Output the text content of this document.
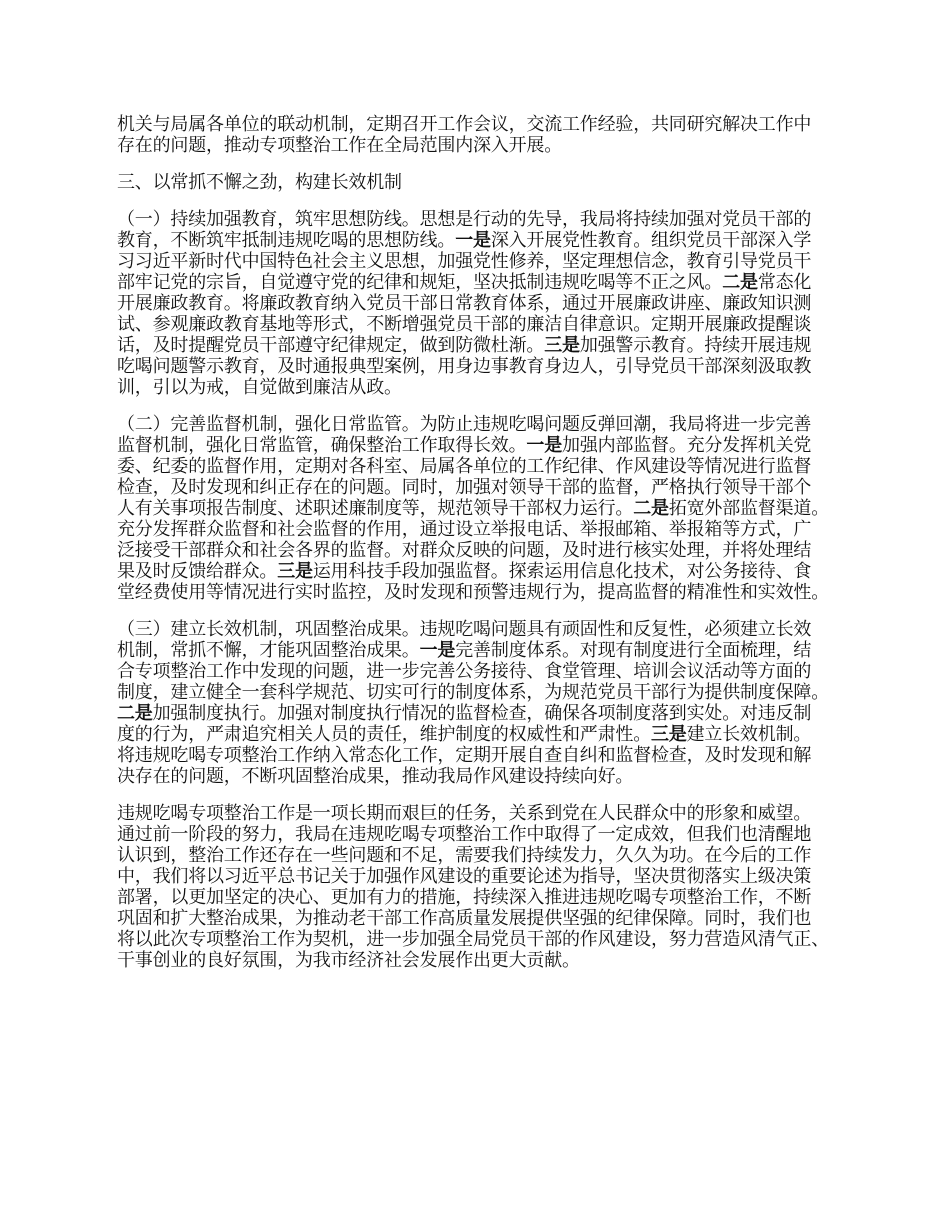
机关与局属各单位的联动机制，定期召开工作会议，交流工作经验，共同研究解决工作中
存在的问题，推动专项整治工作在全局范围内深入开展。
三、以常抓不懈之劲，构建长效机制
（一）持续加强教育，筑牢思想防线。思想是行动的先导，我局将持续加强对党员干部的
教育，不断筑牢抵制违规吃喝的思想防线。一是深入开展党性教育。组织党员干部深入学
习习近平新时代中国特色社会主义思想，加强党性修养，坚定理想信念，教育引导党员干
部牢记党的宗旨，自觉遵守党的纪律和规矩，坚决抵制违规吃喝等不正之风。二是常态化
开展廉政教育。将廉政教育纳入党员干部日常教育体系，通过开展廉政讲座、廉政知识测
试、参观廉政教育基地等形式，不断增强党员干部的廉洁自律意识。定期开展廉政提醒谈
话，及时提醒党员干部遵守纪律规定，做到防微杜渐。三是加强警示教育。持续开展违规
吃喝问题警示教育，及时通报典型案例，用身边事教育身边人，引导党员干部深刻汲取教
训，引以为戒，自觉做到廉洁从政。
（二）完善监督机制，强化日常监管。为防止违规吃喝问题反弹回潮，我局将进一步完善
监督机制，强化日常监管，确保整治工作取得长效。一是加强内部监督。充分发挥机关党
委、纪委的监督作用，定期对各科室、局属各单位的工作纪律、作风建设等情况进行监督
检查，及时发现和纠正存在的问题。同时，加强对领导干部的监督，严格执行领导干部个
人有关事项报告制度、述职述廉制度等，规范领导干部权力运行。二是拓宽外部监督渠道。
充分发挥群众监督和社会监督的作用，通过设立举报电话、举报邮箱、举报箱等方式，广
泛接受干部群众和社会各界的监督。对群众反映的问题，及时进行核实处理，并将处理结
果及时反馈给群众。三是运用科技手段加强监督。探索运用信息化技术，对公务接待、食
堂经费使用等情况进行实时监控，及时发现和预警违规行为，提高监督的精准性和实效性。
（三）建立长效机制，巩固整治成果。违规吃喝问题具有顽固性和反复性，必须建立长效
机制，常抓不懈，才能巩固整治成果。一是完善制度体系。对现有制度进行全面梳理，结
合专项整治工作中发现的问题，进一步完善公务接待、食堂管理、培训会议活动等方面的
制度，建立健全一套科学规范、切实可行的制度体系，为规范党员干部行为提供制度保障。
二是加强制度执行。加强对制度执行情况的监督检查，确保各项制度落到实处。对违反制
度的行为，严肃追究相关人员的责任，维护制度的权威性和严肃性。三是建立长效机制。
将违规吃喝专项整治工作纳入常态化工作，定期开展自查自纠和监督检查，及时发现和解
决存在的问题，不断巩固整治成果，推动我局作风建设持续向好。
违规吃喝专项整治工作是一项长期而艰巨的任务，关系到党在人民群众中的形象和威望。
通过前一阶段的努力，我局在违规吃喝专项整治工作中取得了一定成效，但我们也清醒地
认识到，整治工作还存在一些问题和不足，需要我们持续发力，久久为功。在今后的工作
中，我们将以习近平总书记关于加强作风建设的重要论述为指导，坚决贯彻落实上级决策
部署，以更加坚定的决心、更加有力的措施，持续深入推进违规吃喝专项整治工作，不断
巩固和扩大整治成果，为推动老干部工作高质量发展提供坚强的纪律保障。同时，我们也
将以此次专项整治工作为契机，进一步加强全局党员干部的作风建设，努力营造风清气正、
干事创业的良好氛围，为我市经济社会发展作出更大贡献。
